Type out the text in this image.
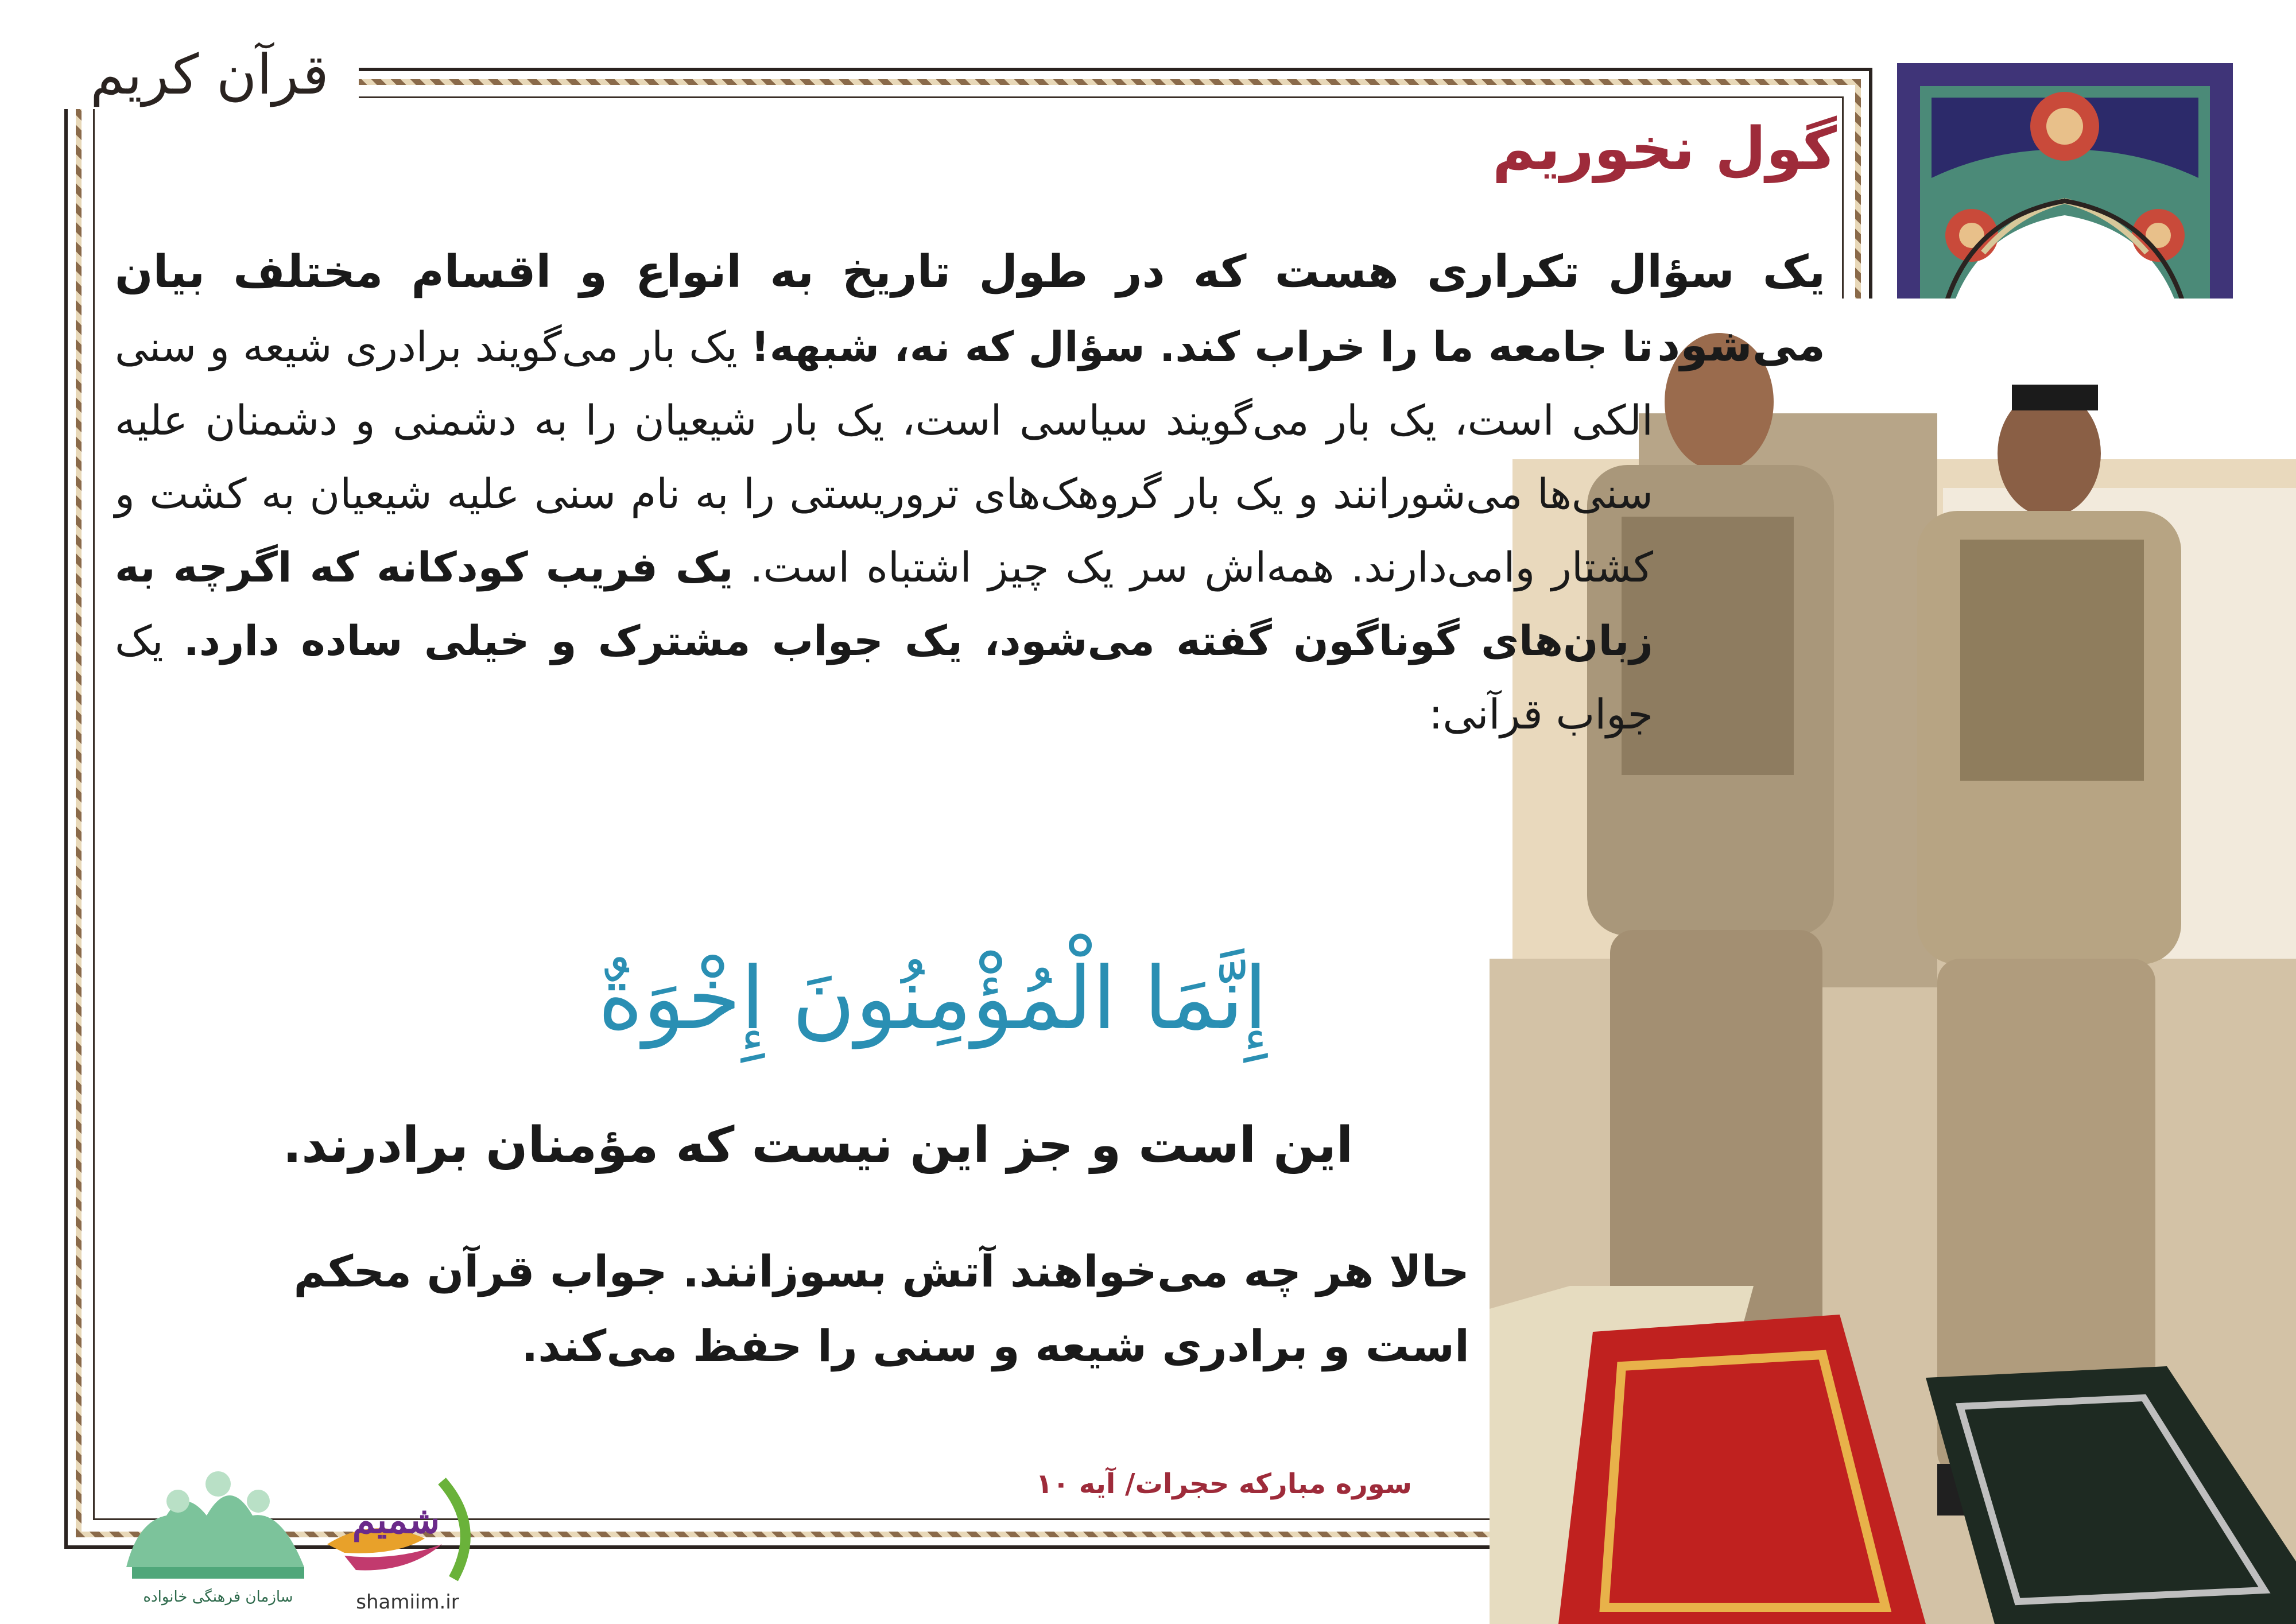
قرآن کریم
گول نخوریم
یک سؤال تکراری هست که در طول تاریخ به انواع و اقسام مختلف بیان می‌شود
تا جامعه ما را خراب کند. سؤال که نه، شبهه! یک بار می‌گویند برادری شیعه و سنی الکی است، یک بار می‌گویند سیاسی است، یک بار شیعیان را به دشمنی و دشمنان علیه سنی‌ها می‌شورانند و یک بار گروهک‌های تروریستی را به نام سنی علیه شیعیان به کشت و کشتار وامی‌دارند. همه‌اش سر یک چیز اشتباه است. یک فریب کودکانه که اگرچه به زبان‌های گوناگون گفته می‌شود، یک جواب مشترک و خیلی ساده دارد. یک جواب قرآنی:
إِنَّمَا الْمُؤْمِنُونَ إِخْوَةٌ
این است و جز این نیست که مؤمنان برادرند.
حالا هر چه می‌خواهند آتش بسوزانند. جواب قرآن محکم است و برادری شیعه و سنی را حفظ می‌کند.
سوره مبارکه حجرات/ آیه ۱۰
سازمان فرهنگی خانواده
شمیم
shamiim.ir
